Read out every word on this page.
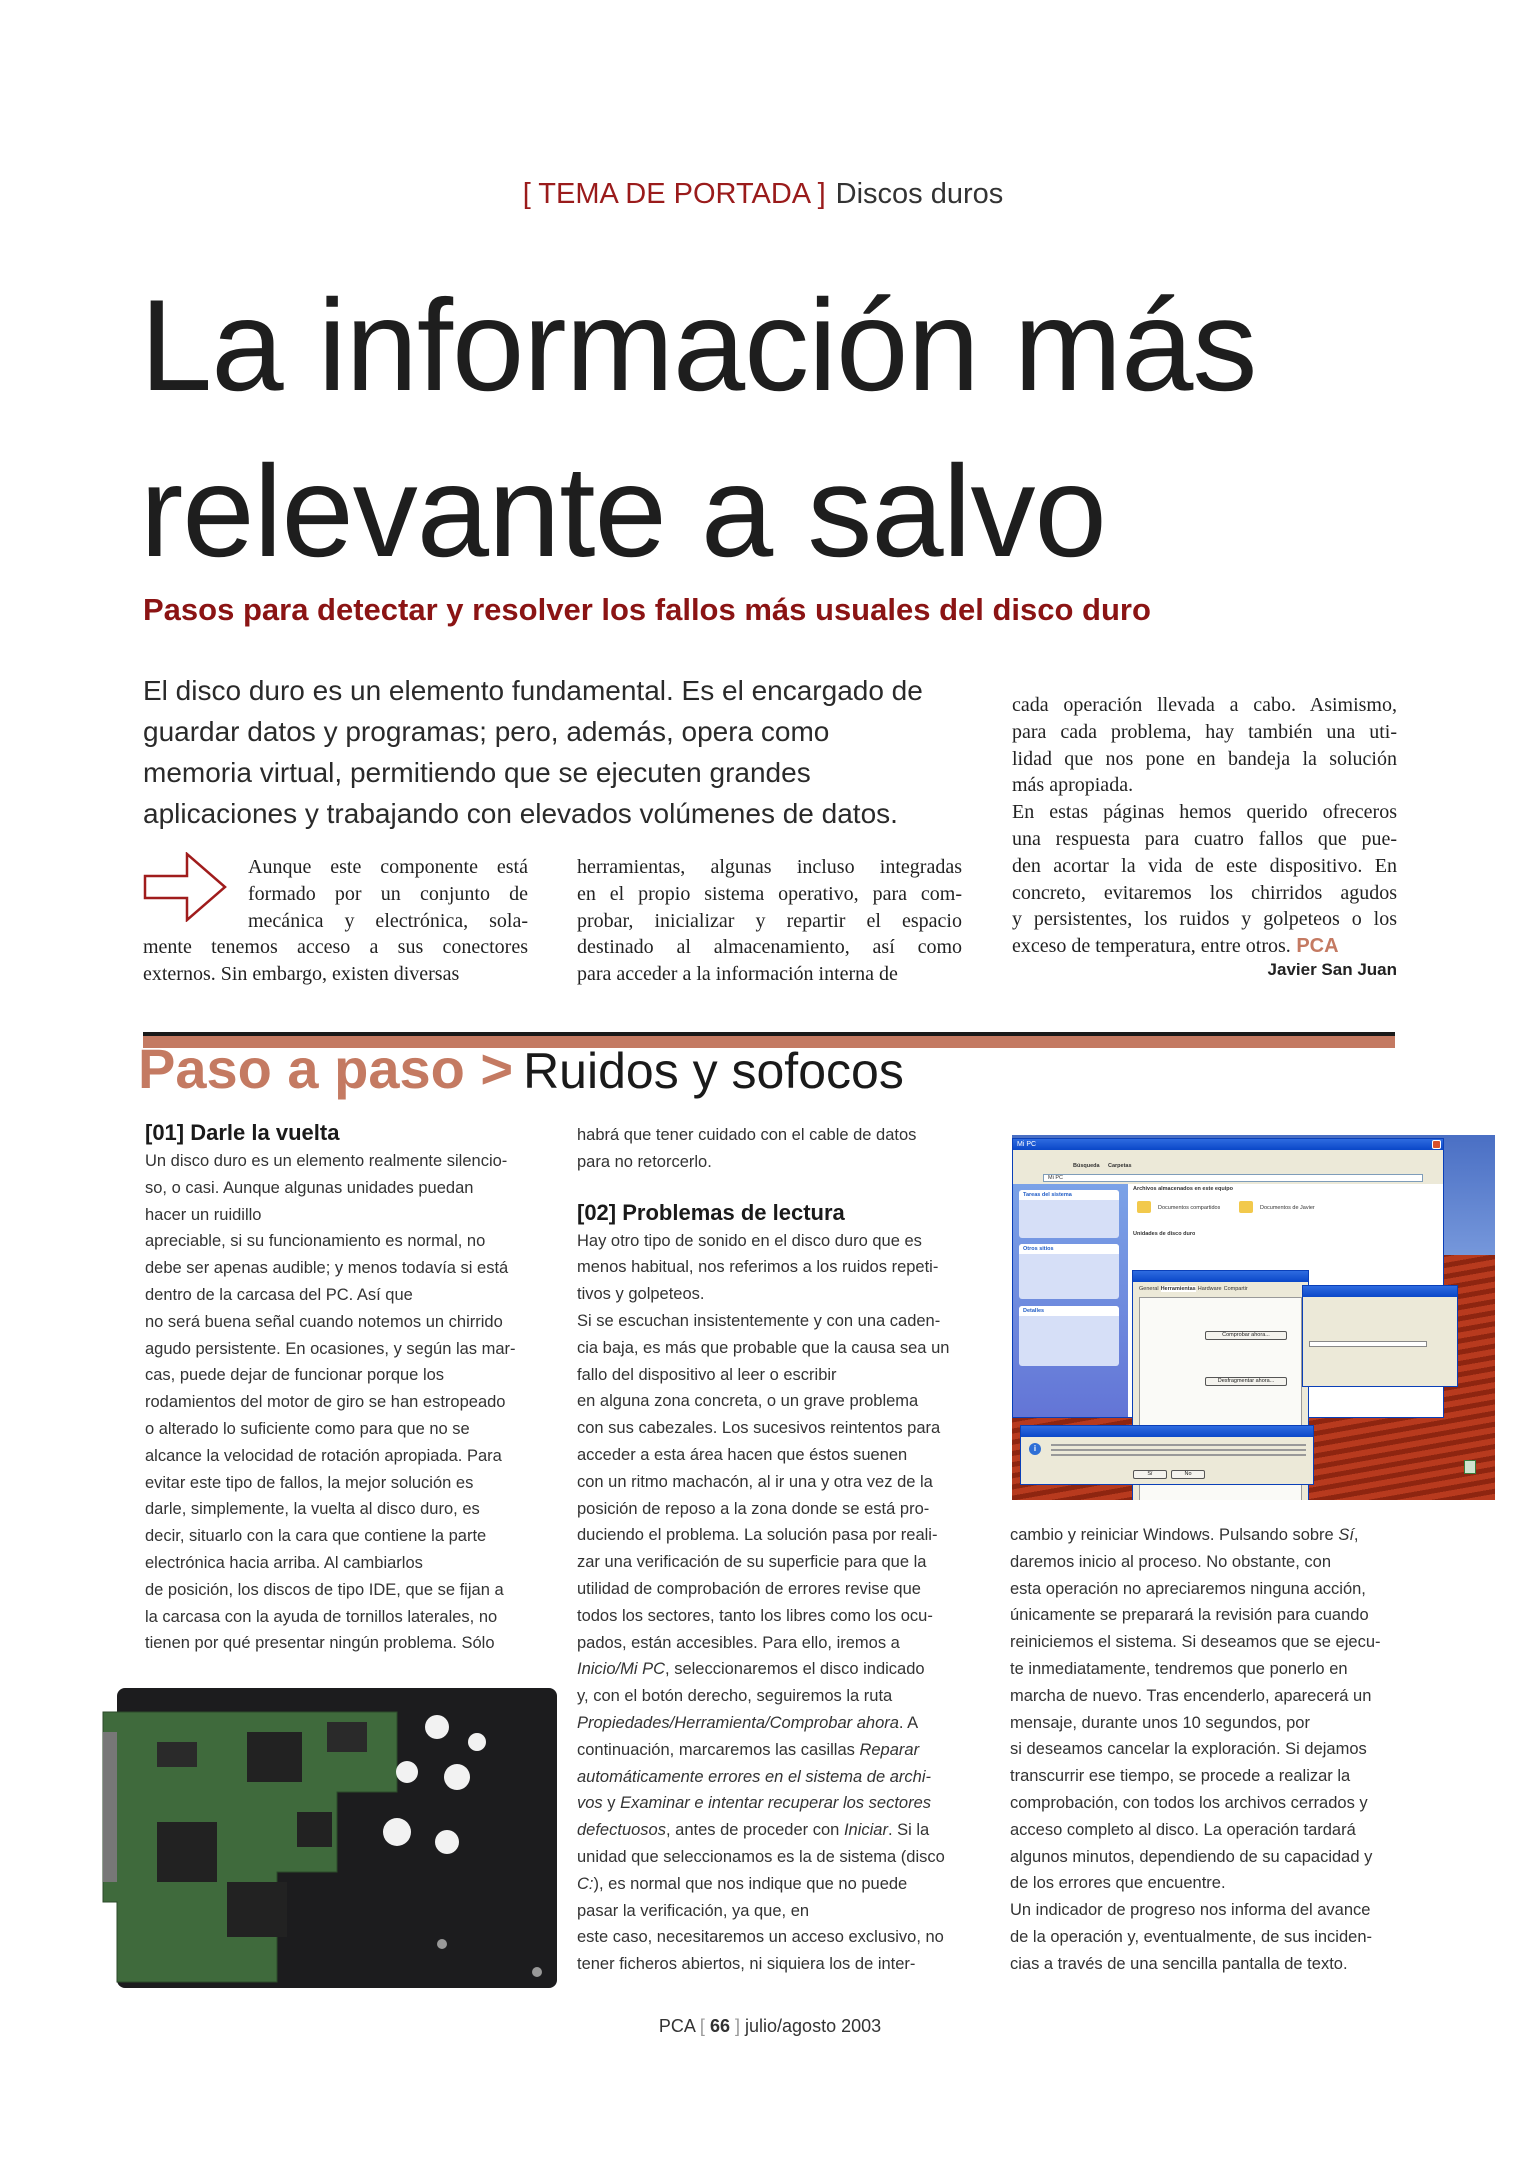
[ TEMA DE PORTADA ] Discos duros
La información más
relevante a salvo
Pasos para detectar y resolver los fallos más usuales del disco duro

El disco duro es un elemento fundamental. Es el encargado de guardar datos y programas; pero, además, opera como memoria virtual, permitiendo que se ejecuten grandes aplicaciones y trabajando con elevados volúmenes de datos.

Aunque este componente está
formado por un conjunto de
mecánica y electrónica, sola-
mente tenemos acceso a sus conectores
externos. Sin embargo, existen diversas
herramientas, algunas incluso integradas
en el propio sistema operativo, para com-
probar, inicializar y repartir el espacio
destinado al almacenamiento, así como
para acceder a la información interna de
cada operación llevada a cabo. Asimismo,
para cada problema, hay también una uti-
lidad que nos pone en bandeja la solución
más apropiada.
En estas páginas hemos querido ofreceros
una respuesta para cuatro fallos que pue-
den acortar la vida de este dispositivo. En
concreto, evitaremos los chirridos agudos
y persistentes, los ruidos y golpeteos o los
exceso de temperatura, entre otros. PCA
Javier San Juan
Paso a paso > Ruidos y sofocos
[01] Darle la vuelta
Un disco duro es un elemento realmente silencio-
so, o casi. Aunque algunas unidades puedan
hacer un ruidillo
apreciable, si su funcionamiento es normal, no
debe ser apenas audible; y menos todavía si está
dentro de la carcasa del PC. Así que
no será buena señal cuando notemos un chirrido
agudo persistente. En ocasiones, y según las mar-
cas, puede dejar de funcionar porque los
rodamientos del motor de giro se han estropeado
o alterado lo suficiente como para que no se
alcance la velocidad de rotación apropiada. Para
evitar este tipo de fallos, la mejor solución es
darle, simplemente, la vuelta al disco duro, es
decir, situarlo con la cara que contiene la parte
electrónica hacia arriba. Al cambiarlos
de posición, los discos de tipo IDE, que se fijan a
la carcasa con la ayuda de tornillos laterales, no
tienen por qué presentar ningún problema. Sólo
habrá que tener cuidado con el cable de datos
para no retorcerlo.
[02] Problemas de lectura
Hay otro tipo de sonido en el disco duro que es
menos habitual, nos referimos a los ruidos repeti-
tivos y golpeteos.
Si se escuchan insistentemente y con una caden-
cia baja, es más que probable que la causa sea un
fallo del dispositivo al leer o escribir
en alguna zona concreta, o un grave problema
con sus cabezales. Los sucesivos reintentos para
acceder a esta área hacen que éstos suenen
con un ritmo machacón, al ir una y otra vez de la
posición de reposo a la zona donde se está pro-
duciendo el problema. La solución pasa por reali-
zar una verificación de su superficie para que la
utilidad de comprobación de errores revise que
todos los sectores, tanto los libres como los ocu-
pados, están accesibles. Para ello, iremos a
Inicio/Mi PC, seleccionaremos el disco indicado
y, con el botón derecho, seguiremos la ruta
Propiedades/Herramienta/Comprobar ahora. A
continuación, marcaremos las casillas Reparar
automáticamente errores en el sistema de archi-
vos y Examinar e intentar recuperar los sectores
defectuosos, antes de proceder con Iniciar. Si la
unidad que seleccionamos es la de sistema (disco
C:), es normal que nos indique que no puede
pasar la verificación, ya que, en
este caso, necesitaremos un acceso exclusivo, no
tener ficheros abiertos, ni siquiera los de inter-
cambio y reiniciar Windows. Pulsando sobre Sí,
daremos inicio al proceso. No obstante, con
esta operación no apreciaremos ninguna acción,
únicamente se preparará la revisión para cuando
reiniciemos el sistema. Si deseamos que se ejecu-
te inmediatamente, tendremos que ponerlo en
marcha de nuevo. Tras encenderlo, aparecerá un
mensaje, durante unos 10 segundos, por
si deseamos cancelar la exploración. Si dejamos
transcurrir ese tiempo, se procede a realizar la
comprobación, con todos los archivos cerrados y
acceso completo al disco. La operación tardará
algunos minutos, dependiendo de su capacidad y
de los errores que encuentre.
Un indicador de progreso nos informa del avance
de la operación y, eventualmente, de sus inciden-
cias a través de una sencilla pantalla de texto.
Mi PC
Búsqueda Carpetas
Mi PC
Tareas del sistema
Otros sitios
Detalles
Archivos almacenados en este equipo
Documentos compartidos	Documentos de Javier
Unidades de disco duro
General Herramientas Hardware Compartir
Comprobar ahora...
Desfragmentar ahora...
i
Sí	No
PCA [ 66 ] julio/agosto 2003
